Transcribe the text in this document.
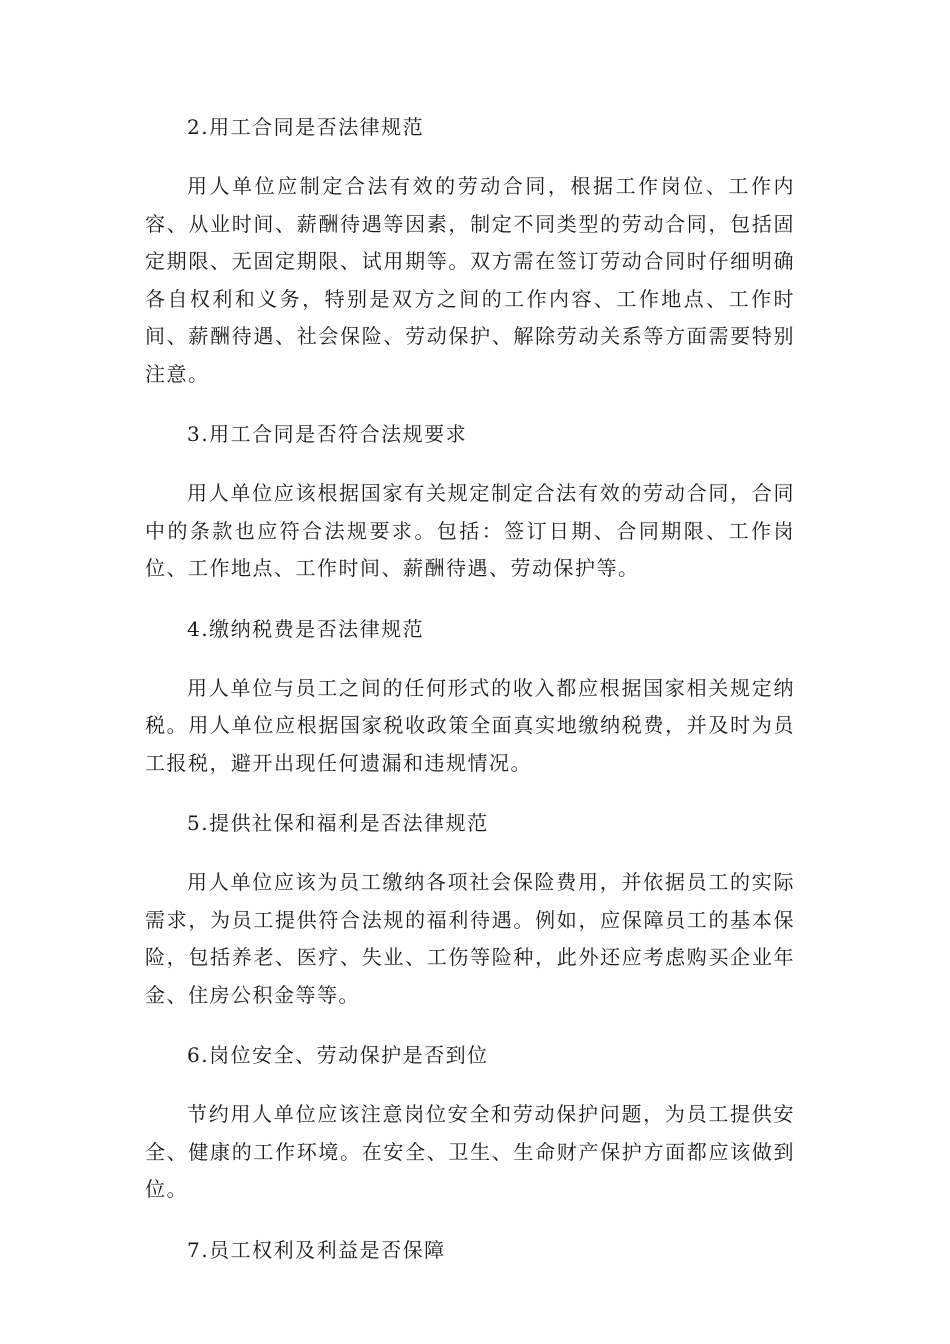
2.用工合同是否法律规范

用人单位应制定合法有效的劳动合同，根据工作岗位、工作内容、从业时间、薪酬待遇等因素，制定不同类型的劳动合同，包括固定期限、无固定期限、试用期等。双方需在签订劳动合同时仔细明确各自权利和义务，特别是双方之间的工作内容、工作地点、工作时间、薪酬待遇、社会保险、劳动保护、解除劳动关系等方面需要特别注意。

3.用工合同是否符合法规要求

用人单位应该根据国家有关规定制定合法有效的劳动合同，合同中的条款也应符合法规要求。包括：签订日期、合同期限、工作岗位、工作地点、工作时间、薪酬待遇、劳动保护等。

4.缴纳税费是否法律规范

用人单位与员工之间的任何形式的收入都应根据国家相关规定纳税。用人单位应根据国家税收政策全面真实地缴纳税费，并及时为员工报税，避开出现任何遗漏和违规情况。

5.提供社保和福利是否法律规范

用人单位应该为员工缴纳各项社会保险费用，并依据员工的实际需求，为员工提供符合法规的福利待遇。例如，应保障员工的基本保险，包括养老、医疗、失业、工伤等险种，此外还应考虑购买企业年金、住房公积金等等。

6.岗位安全、劳动保护是否到位

节约用人单位应该注意岗位安全和劳动保护问题，为员工提供安全、健康的工作环境。在安全、卫生、生命财产保护方面都应该做到位。

7.员工权利及利益是否保障
